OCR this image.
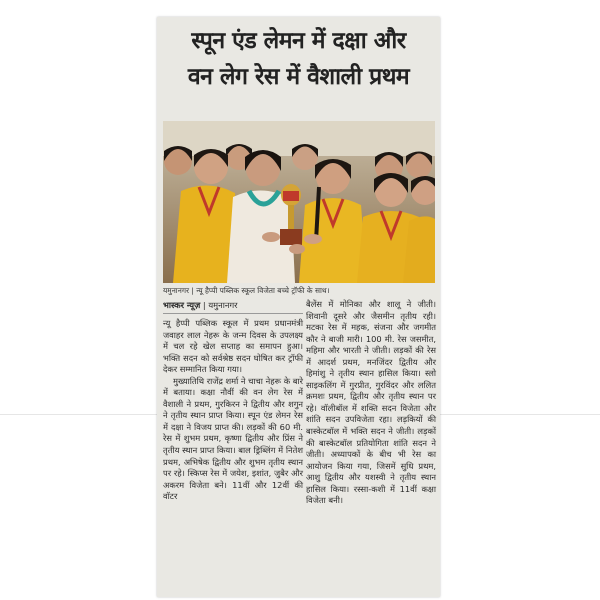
स्पून एंड लेमन में दक्षा और
वन लेग रेस में वैशाली प्रथम
यमुनानगर | न्यू हैप्पी पब्लिक स्कूल विजेता बच्चे ट्रॉफी के साथ।
भास्कर न्यूज़ | यमुनानगर

न्यू हैप्पी पब्लिक स्कूल में प्रथम प्रधानमंत्री जवाहर लाल नेहरू के जन्म दिवस के उपलक्ष्य में चल रहे खेल सप्ताह का समापन हुआ। भक्ति सदन को सर्वश्रेष्ठ सदन घोषित कर ट्रॉफी देकर सम्मानित किया गया।

मुख्यातिथि राजेंद्र शर्मा ने चाचा नेहरू के बारे में बताया। कक्षा नौवीं की वन लेग रेस में वैशाली ने प्रथम, गुरकिरन ने द्वितीय और शगुन ने तृतीय स्थान प्राप्त किया। स्पून एंड लेमन रेस में दक्षा ने विजय प्राप्त की। लड़कों की 60 मी. रेस में शुभम प्रथम, कृष्णा द्वितीय और प्रिंस ने तृतीय स्थान प्राप्त किया। बाल ड्रिब्लिंग में नितेश प्रथम, अभिषेक द्वितीय और शुभम तृतीय स्थान पर रहे। स्किप्स रेस में जयेश, इशांत, जुबैर और अकरम विजेता बने। 11वीं और 12वीं की वॉटर

बैलेंस में मोनिका और शालू ने जीती। शिवानी दूसरे और जैसमीन तृतीय रही। मटका रेस में महक, संजना और जगमीत कौर ने बाजी मारी। 100 मी. रेस जसमीत, महिमा और भारती ने जीती। लड़कों की रेस में आदर्श प्रथम, मनजिंदर द्वितीय और हिमांशु ने तृतीय स्थान हासिल किया। स्लो साइकलिंग में गुरप्रीत, गुरविंदर और ललित क्रमशः प्रथम, द्वितीय और तृतीय स्थान पर रहे। वॉलीबॉल में शक्ति सदन विजेता और शांति सदन उपविजेता रहा। लड़कियों की बास्केटबॉल में भक्ति सदन ने जीती। लड़कों की बास्केटबॉल प्रतियोगिता शांति सदन ने जीती। अध्यापकों के बीच भी रेस का आयोजन किया गया, जिसमें सुधि प्रथम, आशु द्वितीय और यशस्वी ने तृतीय स्थान हासिल किया। रस्सा-कशी में 11वीं कक्षा विजेता बनी।
